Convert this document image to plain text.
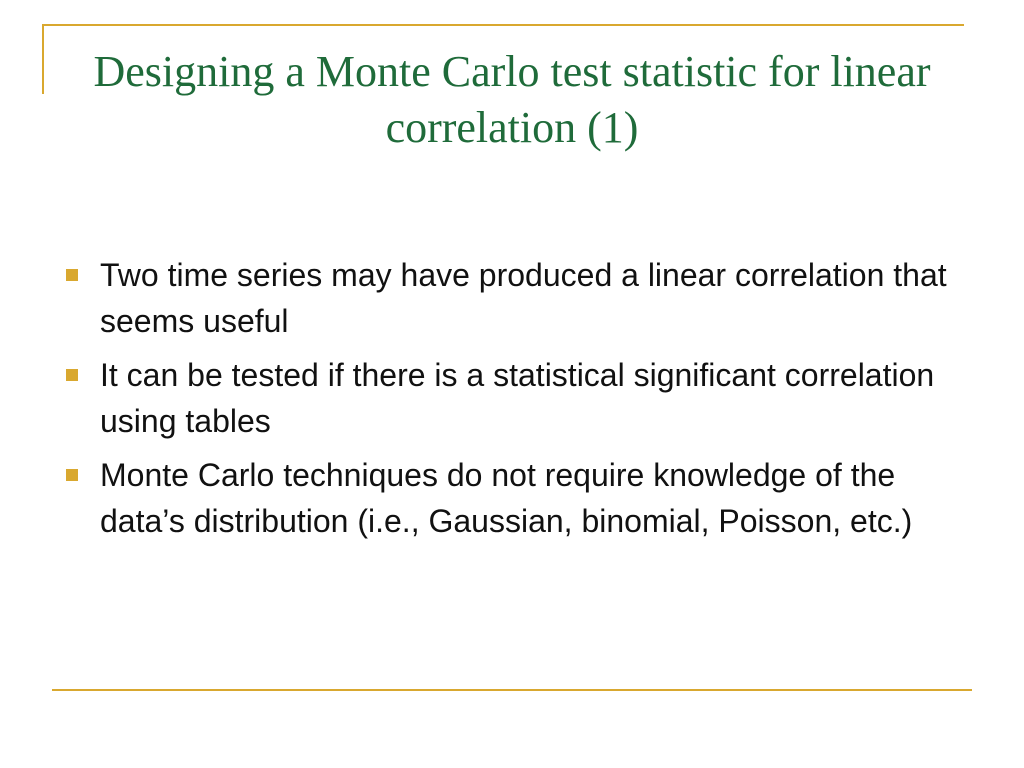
Designing a Monte Carlo test statistic for linear correlation (1)
Two time series may have produced a linear correlation that seems useful
It can be tested if there is a statistical significant correlation using tables
Monte Carlo techniques do not require knowledge of the data’s distribution (i.e., Gaussian, binomial, Poisson, etc.)
